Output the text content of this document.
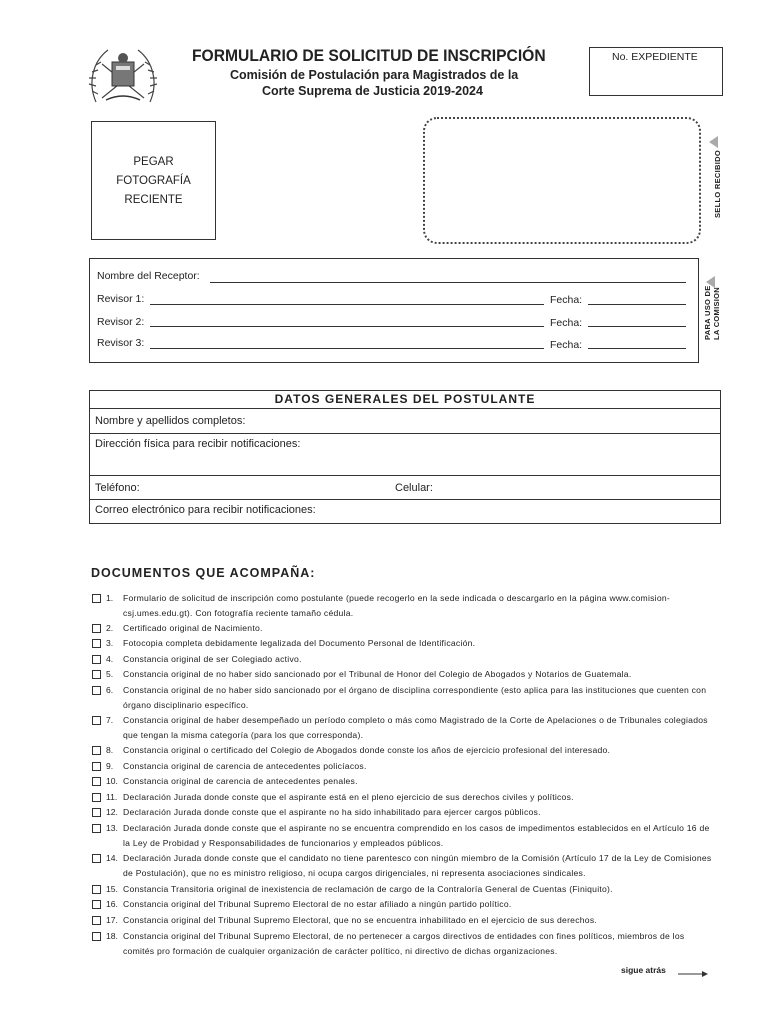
FORMULARIO DE SOLICITUD DE INSCRIPCIÓN
Comisión de Postulación para Magistrados de la
Corte Suprema de Justicia 2019-2024
No. EXPEDIENTE
PEGAR
FOTOGRAFÍA
RECIENTE	SELLO RECIBIDO
Nombre del Receptor:
Revisor 1:	Fecha:
Revisor 2:	Fecha:
Revisor 3:	Fecha:
PARA USO DE LA COMISION
DATOS GENERALES DEL POSTULANTE
Nombre y apellidos completos:
Dirección física para recibir notificaciones:
Teléfono:	Celular:
Correo electrónico para recibir notificaciones:
DOCUMENTOS QUE ACOMPAÑA:
1.	Formulario de solicitud de inscripción como postulante (puede recogerlo en la sede indicada o descargarlo en la página www.comision-csj.umes.edu.gt). Con fotografía reciente tamaño cédula.
2.	Certificado original de Nacimiento.
3.	Fotocopia completa debidamente legalizada del Documento Personal de Identificación.
4.	Constancia original de ser Colegiado activo.
5.	Constancia original de no haber sido sancionado por el Tribunal de Honor del Colegio de Abogados y Notarios de Guatemala.
6.	Constancia original de no haber sido sancionado por el órgano de disciplina correspondiente (esto aplica para las instituciones que cuenten con órgano disciplinario específico.
7.	Constancia original de haber desempeñado un período completo o más como Magistrado de la Corte de Apelaciones o de Tribunales colegiados que tengan la misma categoría (para los que corresponda).
8.	Constancia original o certificado del Colegio de Abogados donde conste los años de ejercicio profesional del interesado.
9.	Constancia original de carencia de antecedentes policíacos.
10. Constancia original de carencia de antecedentes penales.
11. Declaración Jurada donde conste que el aspirante está en el pleno ejercicio de sus derechos civiles y políticos.
12. Declaración Jurada donde conste que el aspirante no ha sido inhabilitado para ejercer cargos públicos.
13. Declaración Jurada donde conste que el aspirante no se encuentra comprendido en los casos de impedimentos establecidos en el Artículo 16 de la Ley de Probidad y Responsabilidades de funcionarios y empleados públicos.
14. Declaración Jurada donde conste que el candidato no tiene parentesco con ningún miembro de la Comisión (Artículo 17 de la Ley de Comisiones de Postulación), que no es ministro religioso, ni ocupa cargos dirigenciales, ni representa asociaciones sindicales.
15. Constancia Transitoria original de inexistencia de reclamación de cargo de la Contraloría General de Cuentas (Finiquito).
16. Constancia original del Tribunal Supremo Electoral de no estar afiliado a ningún partido político.
17. Constancia original del Tribunal Supremo Electoral, que no se encuentra inhabilitado en el ejercicio de sus derechos.
18. Constancia original del Tribunal Supremo Electoral, de no pertenecer a cargos directivos de entidades con fines políticos, miembros de los comités pro formación de cualquier organización de carácter político, ni directivo de dichas organizaciones.
sigue atrás
